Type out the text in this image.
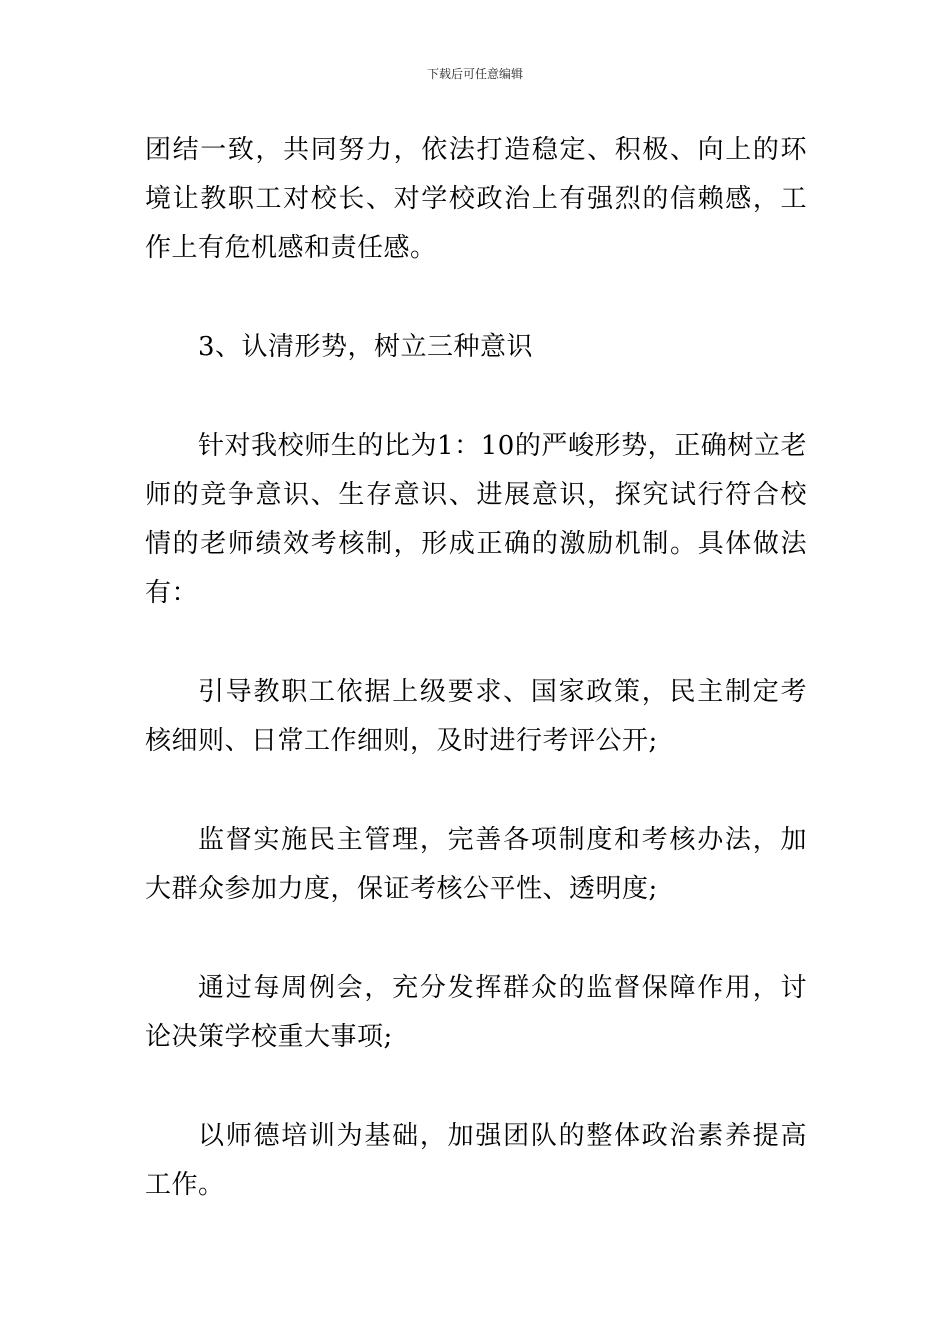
下载后可任意编辑

团结一致，共同努力，依法打造稳定、积极、向上的环境让教职工对校长、对学校政治上有强烈的信赖感，工作上有危机感和责任感。

3、认清形势，树立三种意识

针对我校师生的比为1：10的严峻形势，正确树立老师的竞争意识、生存意识、进展意识，探究试行符合校情的老师绩效考核制，形成正确的激励机制。具体做法有：

引导教职工依据上级要求、国家政策，民主制定考核细则、日常工作细则，及时进行考评公开;

监督实施民主管理，完善各项制度和考核办法，加大群众参加力度，保证考核公平性、透明度;

通过每周例会，充分发挥群众的监督保障作用，讨论决策学校重大事项;

以师德培训为基础，加强团队的整体政治素养提高工作。
